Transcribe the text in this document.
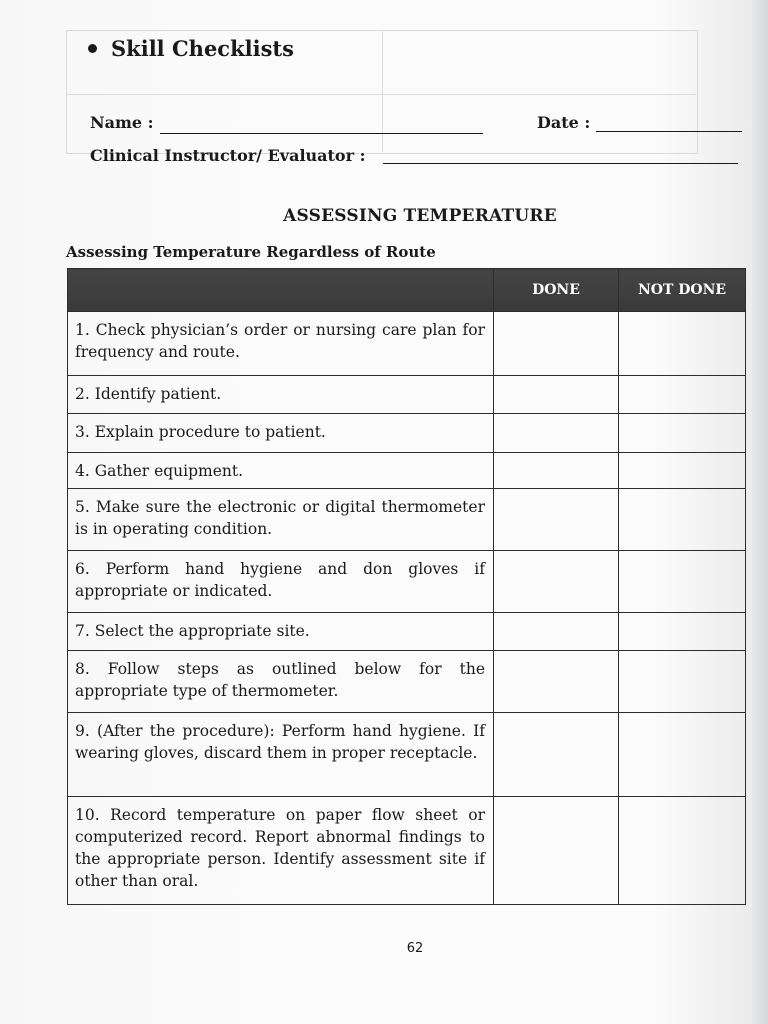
Skill Checklists
Name :	Date :
Clinical Instructor/ Evaluator :
ASSESSING TEMPERATURE
Assessing Temperature Regardless of Route
	DONE	NOT DONE
1. Check physician’s order or nursing care plan for frequency and route.		
2. Identify patient.		
3. Explain procedure to patient.		
4. Gather equipment.		
5. Make sure the electronic or digital thermometer is in operating condition.		
6. Perform hand hygiene and don gloves if appropriate or indicated.		
7. Select the appropriate site.		
8. Follow steps as outlined below for the appropriate type of thermometer.		
9. (After the procedure): Perform hand hygiene. If wearing gloves, discard them in proper receptacle.		
10. Record temperature on paper flow sheet or computerized record. Report abnormal findings to the appropriate person. Identify assessment site if other than oral.		
62
